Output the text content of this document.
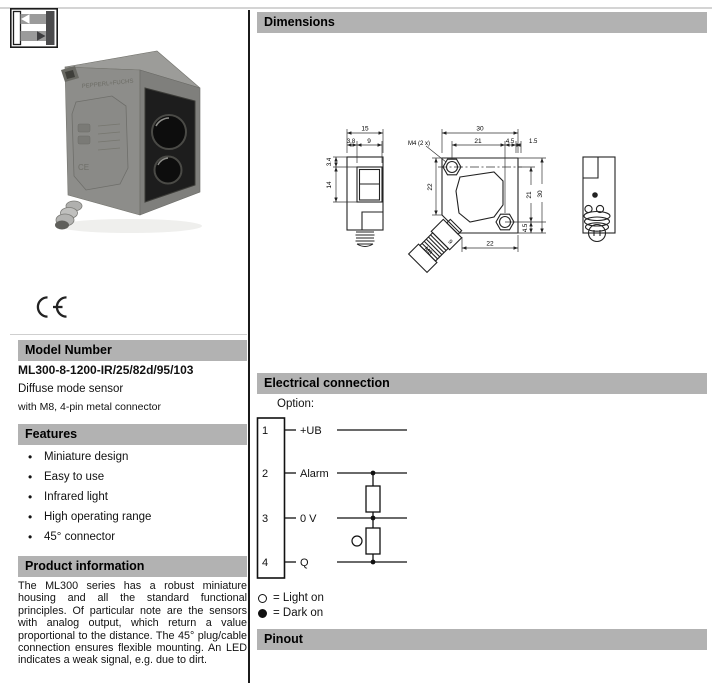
PEPPERL+FUCHS
CE
Model Number
ML300-8-1200-IR/25/82d/95/103
Diffuse mode sensor
with M8, 4-pin metal connector
Features
• Miniature design
• Easy to use
• Infrared light
• High operating range
• 45° connector
Product information
The ML300 series has a robust miniature housing and all the standard functional principles. Of particular note are the sensors with analog output, which return a value proportional to the distance. The 45° plug/cable connection ensures flexible mounting. An LED indicates a weak signal, e.g. due to dirt.
Dimensions
15
3.8 9
3.4
14
30
21	4.5 1.5
M4 (2 x)
22
21 30
4.5
22
M8
9
Electrical connection
Option:
1
2
3
4
+UB
Alarm
0 V
Q
= Light on
= Dark on
Pinout
